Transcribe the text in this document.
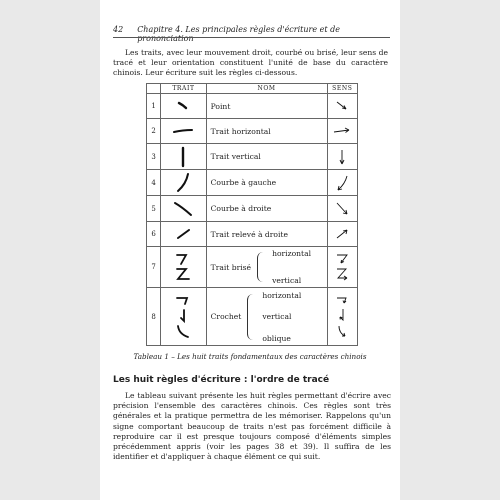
42 Chapitre 4. Les principales règles d'écriture et de prononciation

Les traits, avec leur mouvement droit, courbé ou brisé, leur sens de tracé et leur orientation constituent l'unité de base du caractère chinois. Leur écriture suit les règles ci-dessous.

	TRAIT	NOM	SENS
1		Point	

2		Trait horizontal	

3		Trait vertical	

4		Courbe à gauche	

5		Courbe à droite	

6		Trait relevé à droite	

7		Trait brisé
horizontal
vertical

8		Crochet
horizontal
vertical
oblique

Tableau 1 – Les huit traits fondamentaux des caractères chinois
Les huit règles d'écriture : l'ordre de tracé

Le tableau suivant présente les huit règles permettant d'écrire avec précision l'ensemble des caractères chinois. Ces règles sont très générales et la pratique permettra de les mémoriser. Rappelons qu'un signe comportant beaucoup de traits n'est pas forcément difficile à reproduire car il est presque toujours composé d'éléments simples précédemment appris (voir les pages 38 et 39). Il suffira de les identifier et d'appliquer à chaque élément ce qui suit.
